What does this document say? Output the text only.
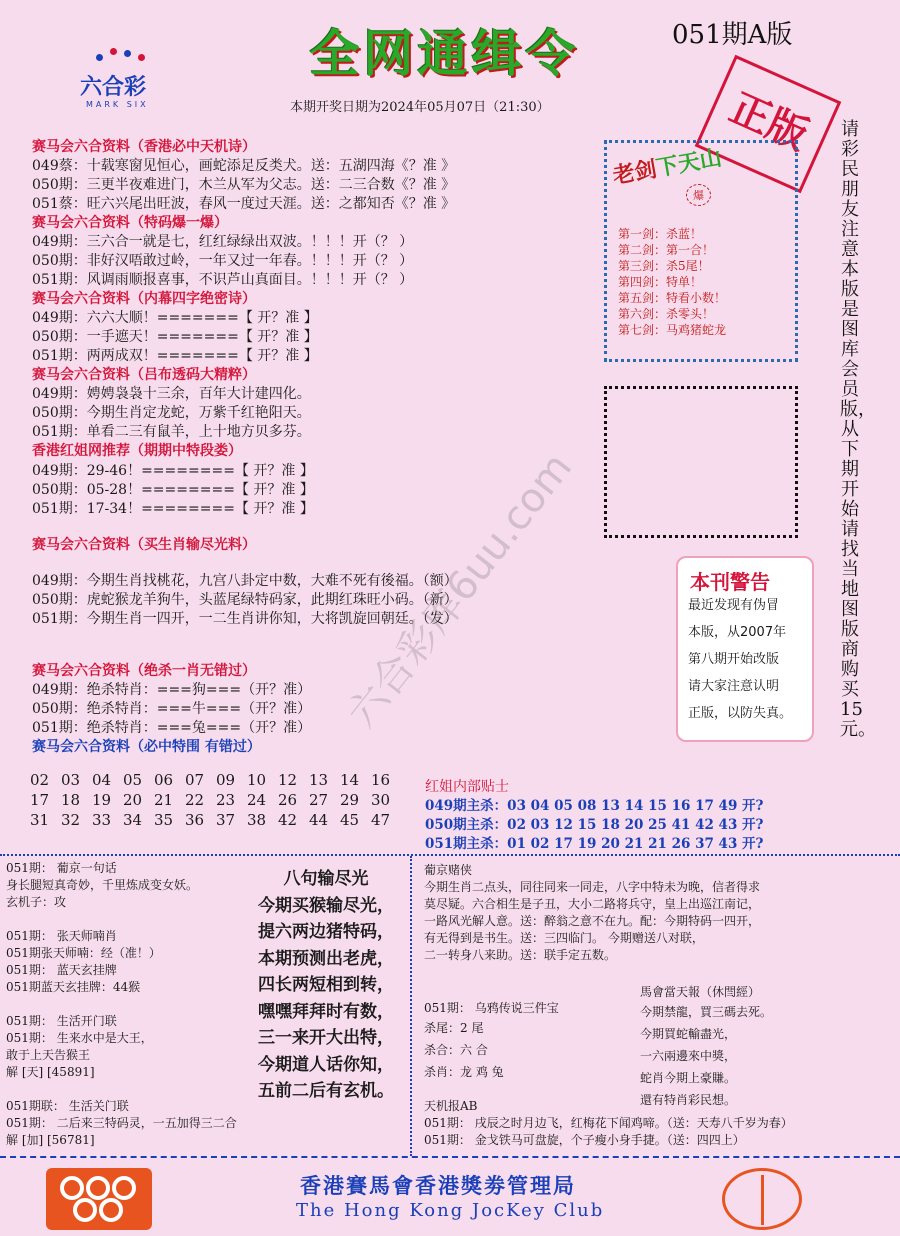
六合彩
MARK SIX
全网通缉令	051期A版
本期开奖日期为2024年05月07日（21:30）	正版
赛马会六合资料（香港必中天机诗）
049蔡：十载寒窗见恒心，画蛇添足反类犬。送：五湖四海《？准 》
050期：三更半夜难进门，木兰从军为父志。送：二三合数《？准 》
051蔡：旺六兴尾出旺波，春风一度过天涯。送：之都知否《？准 》
赛马会六合资料（特码爆一爆）
049期：三六合一就是七，红红绿绿出双波。！！！开（？ ）
050期：非好汉唔敢过岭，一年又过一年春。！！！开（？ ）
051期：风调雨顺报喜事，不识芦山真面目。！！！开（？ ）
赛马会六合资料（内幕四字绝密诗）
049期：六六大顺！=======【 开？准 】
050期：一手遮天！=======【 开？准 】
051期：两两成双！=======【 开？准 】
赛马会六合资料（吕布透码大精粹）
049期：娉娉袅袅十三余，百年大计建四化。
050期：今期生肖定龙蛇，万紫千红艳阳天。
051期：单看二三有鼠羊，上十地方贝多芬。
香港红姐网推荐（期期中特段娄）
049期：29-46！========【 开？准 】
050期：05-28！========【 开？准 】
051期：17-34！========【 开？准 】
赛马会六合资料（买生肖输尽光料）
049期：今期生肖找桃花，九宫八卦定中数，大难不死有後福。（额）
050期：虎蛇猴龙羊狗牛，头蓝尾绿特码家，此期红珠旺小码。（新）
051期：今期生肖一四开，一二生肖讲你知，大将凯旋回朝廷。（发）
赛马会六合资料（绝杀一肖无错过）
049期：绝杀特肖：===狗===（开？准）
050期：绝杀特肖：===牛===（开？准）
051期：绝杀特肖：===兔===（开？准）
赛马会六合资料（必中特围 有错过）
02 03 04 05 06 07 09 10 12 13 14 16
17 18 19 20 21 22 23 24 26 27 29 30
31 32 33 34 35 36 37 38 42 44 45 47
红姐内部贴士
049期主杀：03 04 05 08 13 14 15 16 17 49 开?
050期主杀：02 03 12 15 18 20 25 41 42 43 开?
051期主杀：01 02 17 19 20 21 21 26 37 43 开?
老剑下天山
爆
第一剑：杀蓝！
第二剑：第一合！
第三剑：杀5尾！
第四剑：特单！
第五剑：特看小数！
第六剑：杀零头！
第七剑：马鸡猪蛇龙
请彩民朋友注意本版是图库会员版，从下期开始请找当地图版商购买15元。
本刊警告
最近发现有伪冒
本版，从2007年
第八期开始改版
请大家注意认明
正版，以防失真。
六合彩库6uu.com
051期： 葡京一句话
身长腿短真奇妙，千里炼成变女妖。
玄机子：攻

051期： 张天师喃肖
051期张天师喃：经（准！）
051期： 蓝天玄挂牌
051期蓝天玄挂牌：44猴

051期： 生活开门联
051期： 生来水中是大王，
敢于上天告猴王
解 [天] [45891]

051期联： 生活关门联
051期： 二后来三特码灵，一五加得三二合
解 [加] [56781]
八句输尽光
今期买猴输尽光，
提六两边猪特码，
本期预测出老虎，
四长两短相到转，
嘿嘿拜拜时有数，
三一来开大出特，
今期道人话你知，
五前二后有玄机。
葡京赌侠
今期生肖二点头，同往同来一同走，八字中特未为晚，信者得求
莫尽疑。六合相生是子丑，大小二路将兵守，皇上出巡江南记，
一路风光解人意。送：醉翁之意不在九。配：今期特码一四开，
有无得到是书生。送：三四临门。 今期赠送八对联，
二一转身八来助。送：联手定五数。
051期： 乌鸦传说三件宝
杀尾：2 尾
杀合：六 合
杀肖：龙 鸡 兔
馬會當天報（休閆經）
今期禁龍，買三碼去死。
今期買蛇輸盡光，
一六兩邊來中獎，
蛇肖今期上豪賺。
還有特肖彩民想。
天机报AB
051期： 戌辰之时月边飞，红梅花下闻鸡啼。（送：天寿八千岁为春）
051期： 金戈铁马可盘旋，个子瘦小身手捷。（送：四四上）
香港賽馬會香港獎劵管理局
The Hong Kong JocKey Club
